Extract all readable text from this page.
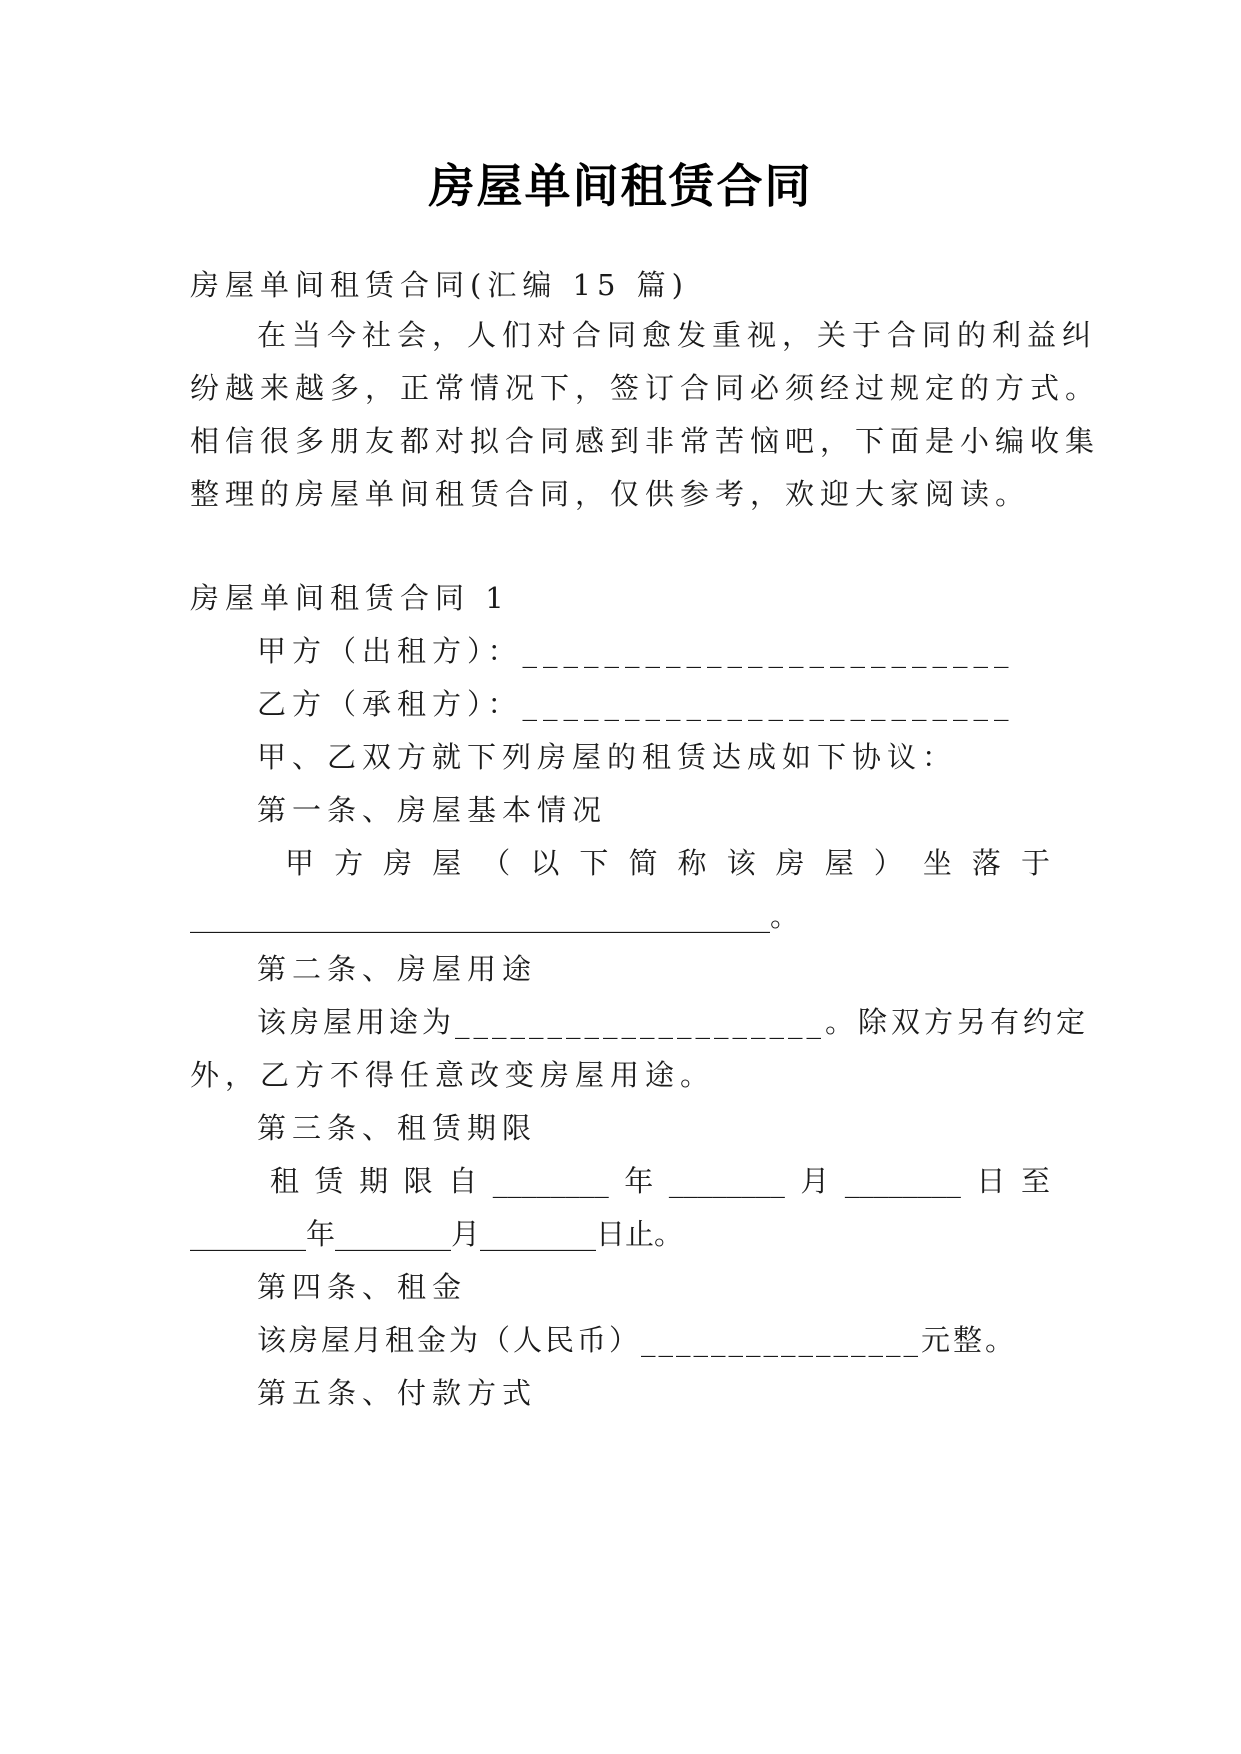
房屋单间租赁合同
房屋单间租赁合同(汇编 15 篇)
在当今社会，人们对合同愈发重视，关于合同的利益纠
纷越来越多，正常情况下，签订合同必须经过规定的方式。
相信很多朋友都对拟合同感到非常苦恼吧，下面是小编收集
整理的房屋单间租赁合同，仅供参考，欢迎大家阅读。
房屋单间租赁合同 1
甲方（出租方）：________________________
乙方（承租方）：________________________
甲、乙双方就下列房屋的租赁达成如下协议：
第一条、房屋基本情况
甲 方 房 屋 （ 以 下 简 称 该 房 屋 ） 坐 落 于
________________________________________。
第二条、房屋用途
该房屋用途为____________________。除双方另有约定
外，乙方不得任意改变房屋用途。
第三条、租赁期限
租 赁 期 限 自 ________ 年 ________ 月 ________ 日 至
________年________月________日止。
第四条、租金
该房屋月租金为（人民币）________________元整。
第五条、付款方式
